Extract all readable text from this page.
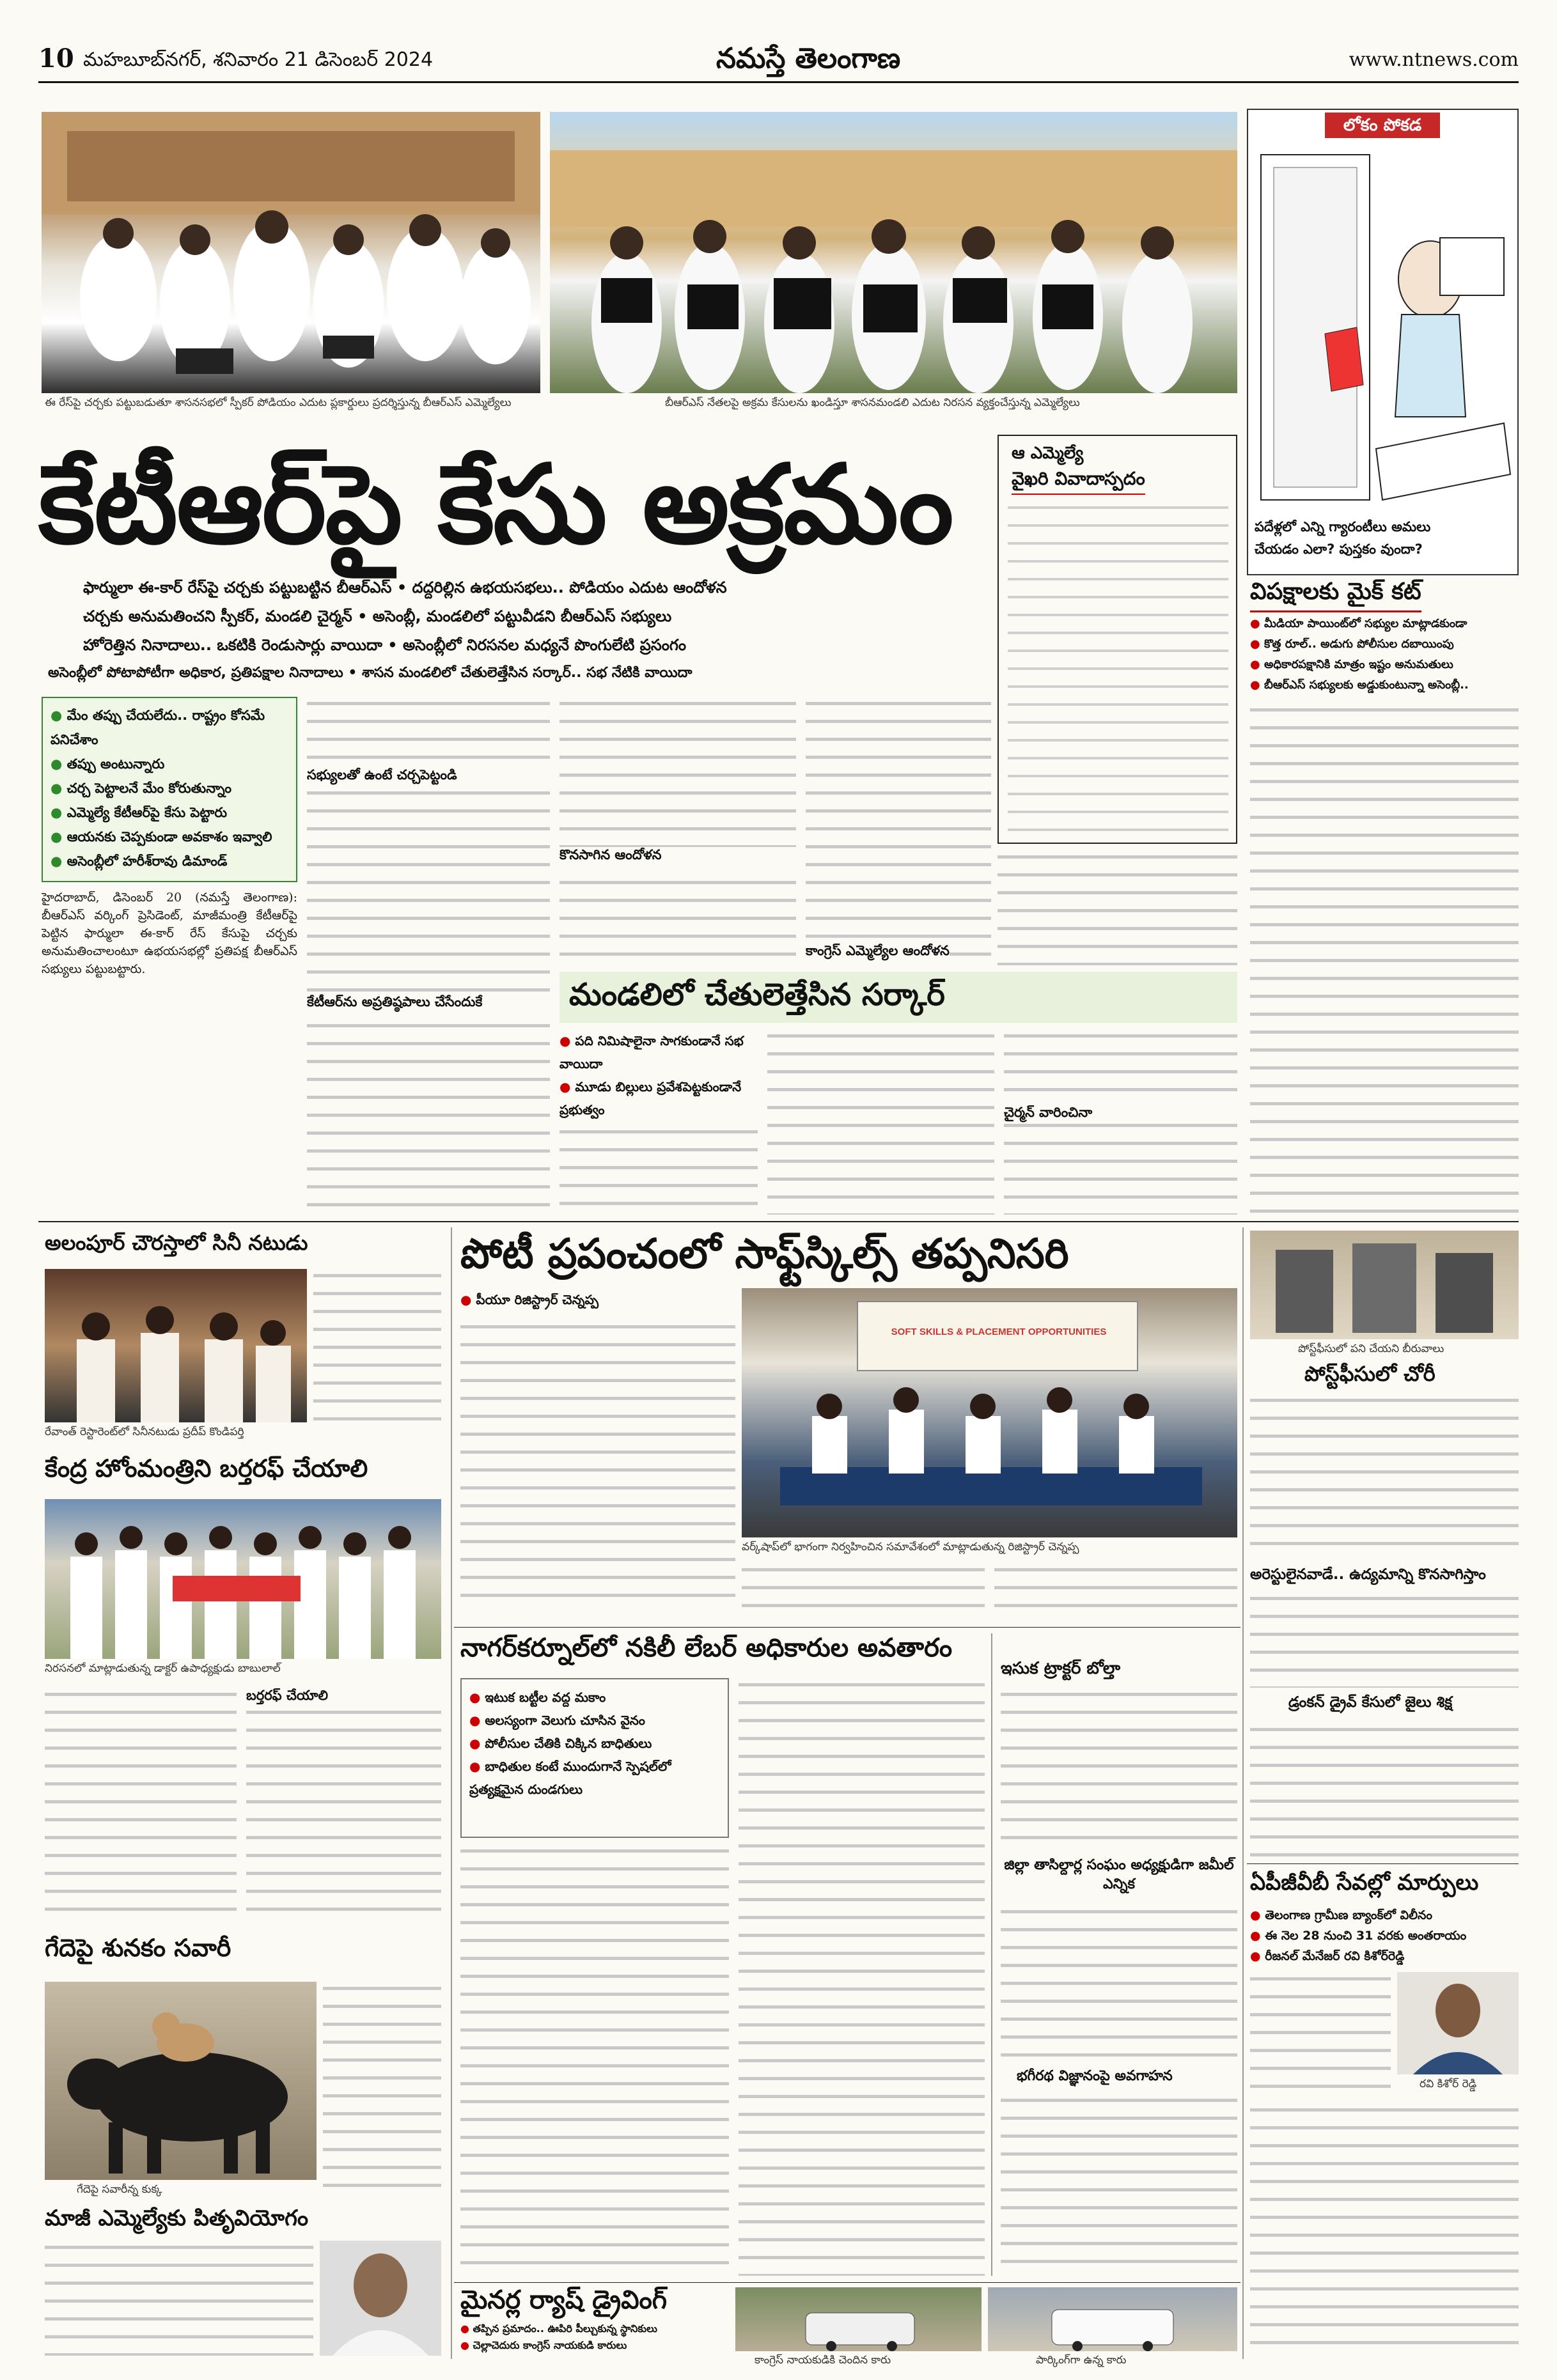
10 మహబూబ్‌నగర్, శనివారం 21 డిసెంబర్ 2024	నమస్తే తెలంగాణ	www.ntnews.com
ఈ రేస్‌పై చర్చకు పట్టుబడుతూ శాసనసభలో స్పీకర్ పోడియం ఎదుట ప్లకార్డులు ప్రదర్శిస్తున్న బీఆర్ఎస్ ఎమ్మెల్యేలు	బీఆర్ఎస్ నేతలపై అక్రమ కేసులను ఖండిస్తూ శాసనమండలి ఎదుట నిరసన వ్యక్తంచేస్తున్న ఎమ్మెల్యేలు
లోకం పోకడ
పదేళ్లలో ఎన్ని గ్యారంటీలు అమలు
చేయడం ఎలా? పుస్తకం వుందా?
కేటీఆర్‌పై కేసు అక్రమం	ఆ ఎమ్మెల్యే
వైఖరి వివాదాస్పదం
ఫార్ములా ఈ-కార్ రేస్‌పై చర్చకు పట్టుబట్టిన బీఆర్ఎస్ • దద్దరిల్లిన ఉభయసభలు.. పోడియం ఎదుట ఆందోళన
చర్చకు అనుమతించని స్పీకర్, మండలి చైర్మన్ • అసెంబ్లీ, మండలిలో పట్టువీడని బీఆర్ఎస్ సభ్యులు
హోరెత్తిన నినాదాలు.. ఒకటికి రెండుసార్లు వాయిదా • అసెంబ్లీలో నిరసనల మధ్యనే పొంగులేటి ప్రసంగం
అసెంబ్లీలో పోటాపోటీగా అధికార, ప్రతిపక్షాల నినాదాలు • శాసన మండలిలో చేతులెత్తేసిన సర్కార్.. సభ నేటికి వాయిదా
● మేం తప్పు చేయలేదు.. రాష్ట్రం కోసమే పనిచేశాం
● తప్పు అంటున్నారు
● చర్చ పెట్టాలనే మేం కోరుతున్నాం
● ఎమ్మెల్యే కేటీఆర్‌పై కేసు పెట్టారు
● ఆయనకు చెప్పకుండా అవకాశం ఇవ్వాలి
● అసెంబ్లీలో హరీశ్‌రావు డిమాండ్
హైదరాబాద్, డిసెంబర్ 20 (నమస్తే తెలంగాణ): బీఆర్ఎస్ వర్కింగ్ ప్రెసిడెంట్, మాజీమంత్రి కేటీఆర్‌పై పెట్టిన ఫార్ములా ఈ-కార్ రేస్ కేసుపై చర్చకు అనుమతించాలంటూ ఉభయసభల్లో ప్రతిపక్ష బీఆర్ఎస్ సభ్యులు పట్టుబట్టారు.
సభ్యులతో ఉంటే చర్చపెట్టండి
కేటీఆర్‌ను అప్రతిష్ఠపాలు చేసేందుకే
కొనసాగిన ఆందోళన
మండలిలో చేతులెత్తేసిన సర్కార్
● పది నిమిషాలైనా సాగకుండానే సభ వాయిదా
● మూడు బిల్లులు ప్రవేశపెట్టకుండానే ప్రభుత్వం	చైర్మన్ వారించినా
కాంగ్రెస్ ఎమ్మెల్యేల ఆందోళన
విపక్షాలకు మైక్ కట్
● మీడియా పాయింట్‌లో సభ్యుల మాట్లాడకుండా
● కొత్త రూల్.. అడుగు పోలీసుల దబాయింపు
● అధికారపక్షానికి మాత్రం ఇష్టం అనుమతులు
● బీఆర్ఎస్ సభ్యులకు అడ్డుకుంటున్నా అసెంబ్లీ..
అలంపూర్ చౌరస్తాలో సినీ నటుడు
రేవాంత్ రెస్టారెంట్‌లో సినీనటుడు ప్రదీప్ కొండిపర్తి
కేంద్ర హోంమంత్రిని బర్తరఫ్ చేయాలి
నిరసనలో మాట్లాడుతున్న డాక్టర్ ఉపాధ్యక్షుడు బాబులాల్
బర్తరఫ్ చేయాలి
గేదెపై శునకం సవారీ
గేదెపై సవారీన్న కుక్క
మాజీ ఎమ్మెల్యేకు పితృవియోగం
పోటీ ప్రపంచంలో సాఫ్ట్‌స్కిల్స్ తప్పనిసరి
● పీయూ రిజిస్ట్రార్ చెన్నప్ప
SOFT SKILLS & PLACEMENT OPPORTUNITIES
వర్క్‌షాప్‌లో భాగంగా నిర్వహించిన సమావేశంలో మాట్లాడుతున్న రిజిస్ట్రార్ చెన్నప్ప
నాగర్‌కర్నూల్‌లో నకిలీ లేబర్ అధికారుల అవతారం
● ఇటుక బట్టీల వద్ద మకాం
● అలస్యంగా వెలుగు చూసిన వైనం
● పోలీసుల చేతికి చిక్కిన బాధితులు
● బాధితుల కంటే ముందుగానే స్పెషల్‌లో ప్రత్యక్షమైన దుండగులు
ఇసుక ట్రాక్టర్ బోల్తా
జిల్లా తాసిల్దార్ల సంఘం అధ్యక్షుడిగా జమీల్ ఎన్నిక
భగీరథ విజ్ఞానంపై అవగాహన
మైనర్ల ర్యాష్ డ్రైవింగ్
● తప్పిన ప్రమాదం.. ఊపిరి పీల్చుకున్న స్థానికులు
● చెల్లాచెదురు కాంగ్రెస్ నాయకుడి కారులు
కాంగ్రెస్ నాయకుడికి చెందిన కారు	పార్కింగ్‌గా ఉన్న కారు
పోస్ట్‌ఫీసులో పని చేయని బీరువాలు
పోస్ట్‌ఫీసులో చోరీ
అరెస్టులైనవాడే.. ఉద్యమాన్ని కొనసాగిస్తాం
డ్రంకన్ డ్రైవ్ కేసులో జైలు శిక్ష
ఏపీజీవీబీ సేవల్లో మార్పులు
● తెలంగాణ గ్రామీణ బ్యాంక్‌లో విలీనం
● ఈ నెల 28 నుంచి 31 వరకు అంతరాయం
● రీజనల్ మేనేజర్ రవి కిశోర్‌రెడ్డి
రవి కిశోర్ రెడ్డి
